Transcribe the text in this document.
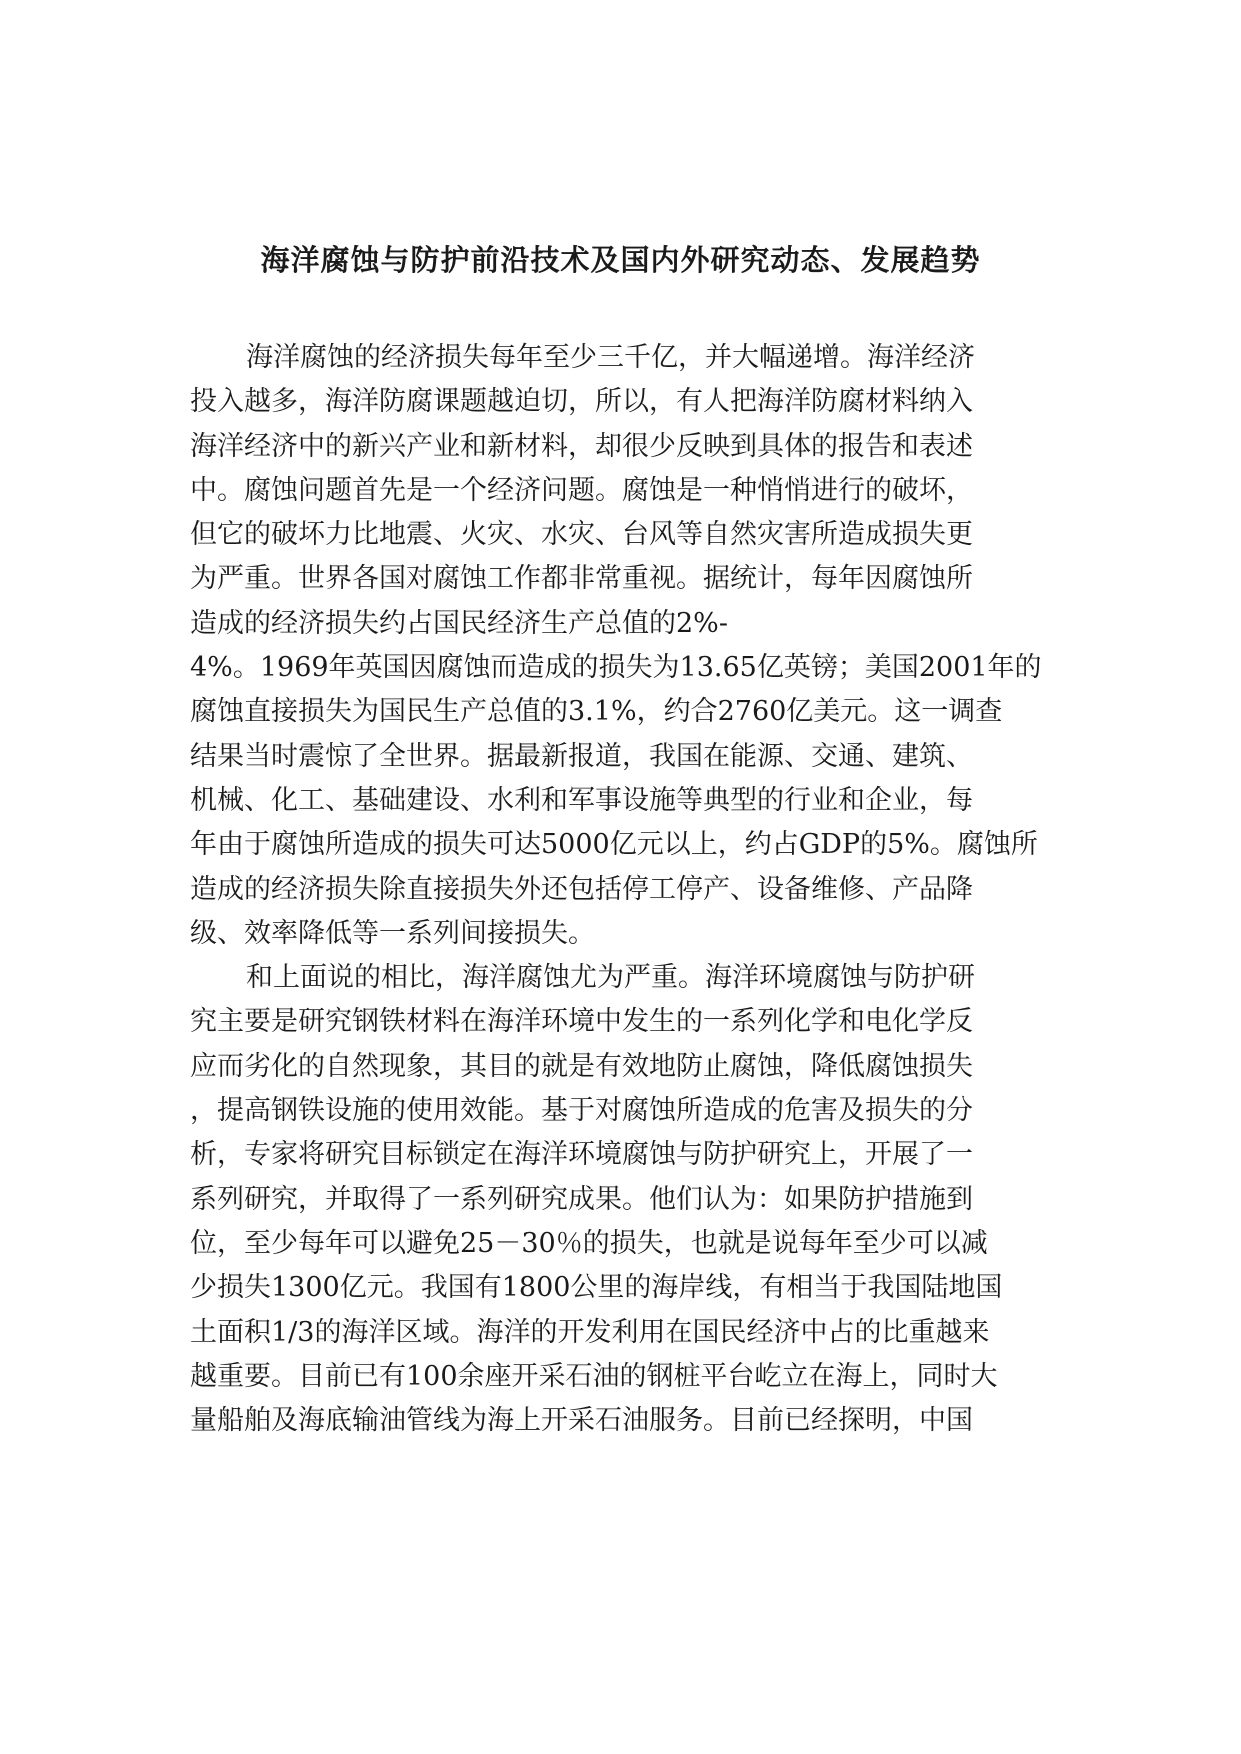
海洋腐蚀与防护前沿技术及国内外研究动态、发展趋势
海洋腐蚀的经济损失每年至少三千亿，并大幅递增。海洋经济
投入越多，海洋防腐课题越迫切，所以，有人把海洋防腐材料纳入
海洋经济中的新兴产业和新材料，却很少反映到具体的报告和表述
中。腐蚀问题首先是一个经济问题。腐蚀是一种悄悄进行的破坏，
但它的破坏力比地震、火灾、水灾、台风等自然灾害所造成损失更
为严重。世界各国对腐蚀工作都非常重视。据统计，每年因腐蚀所
造成的经济损失约占国民经济生产总值的2%-
4%。1969年英国因腐蚀而造成的损失为13.65亿英镑；美国2001年的
腐蚀直接损失为国民生产总值的3.1%，约合2760亿美元。这一调查
结果当时震惊了全世界。据最新报道，我国在能源、交通、建筑、
机械、化工、基础建设、水利和军事设施等典型的行业和企业，每
年由于腐蚀所造成的损失可达5000亿元以上，约占GDP的5%。腐蚀所
造成的经济损失除直接损失外还包括停工停产、设备维修、产品降
级、效率降低等一系列间接损失。
和上面说的相比，海洋腐蚀尤为严重。海洋环境腐蚀与防护研
究主要是研究钢铁材料在海洋环境中发生的一系列化学和电化学反
应而劣化的自然现象，其目的就是有效地防止腐蚀，降低腐蚀损失
，提高钢铁设施的使用效能。基于对腐蚀所造成的危害及损失的分
析，专家将研究目标锁定在海洋环境腐蚀与防护研究上，开展了一
系列研究，并取得了一系列研究成果。他们认为：如果防护措施到
位，至少每年可以避免25－30％的损失，也就是说每年至少可以减
少损失1300亿元。我国有1800公里的海岸线，有相当于我国陆地国
土面积1/3的海洋区域。海洋的开发利用在国民经济中占的比重越来
越重要。目前已有100余座开采石油的钢桩平台屹立在海上，同时大
量船舶及海底输油管线为海上开采石油服务。目前已经探明，中国
